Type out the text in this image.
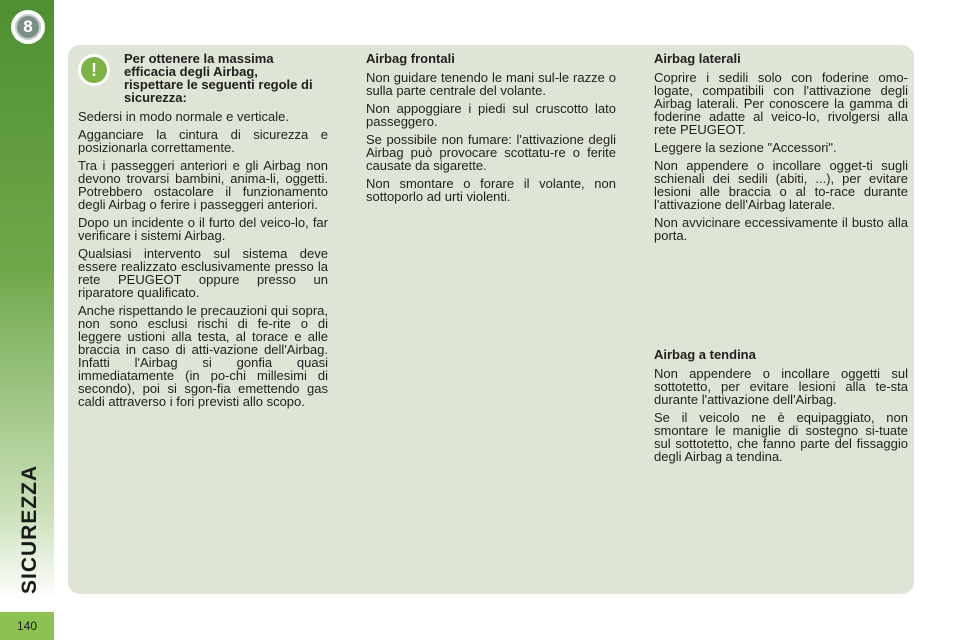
8
SICUREZZA
140
!
Per ottenere la massima efficacia degli Airbag, rispettare le seguenti regole di sicurezza:

Sedersi in modo normale e verticale.

Agganciare la cintura di sicurezza e posizionarla correttamente.

Tra i passeggeri anteriori e gli Airbag non devono trovarsi bambini, anima-li, oggetti. Potrebbero ostacolare il funzionamento degli Airbag o ferire i passeggeri anteriori.

Dopo un incidente o il furto del veico-lo, far verificare i sistemi Airbag.

Qualsiasi intervento sul sistema deve essere realizzato esclusivamente presso la rete PEUGEOT oppure presso un riparatore qualificato.

Anche rispettando le precauzioni qui sopra, non sono esclusi rischi di fe-rite o di leggere ustioni alla testa, al torace e alle braccia in caso di atti-vazione dell'Airbag. Infatti l'Airbag si gonfia quasi immediatamente (in po-chi millesimi di secondo), poi si sgon-fia emettendo gas caldi attraverso i fori previsti allo scopo.

Airbag frontali

Non guidare tenendo le mani sul-le razze o sulla parte centrale del volante.

Non appoggiare i piedi sul cruscotto lato passeggero.

Se possibile non fumare: l'attivazione degli Airbag può provocare scottatu-re o ferite causate da sigarette.

Non smontare o forare il volante, non sottoporlo ad urti violenti.

Airbag laterali

Coprire i sedili solo con foderine omo-logate, compatibili con l'attivazione degli Airbag laterali. Per conoscere la gamma di foderine adatte al veico-lo, rivolgersi alla rete PEUGEOT.

Leggere la sezione "Accessori".

Non appendere o incollare ogget-ti sugli schienali dei sedili (abiti, ...), per evitare lesioni alle braccia o al to-race durante l'attivazione dell'Airbag laterale.

Non avvicinare eccessivamente il busto alla porta.

Airbag a tendina

Non appendere o incollare oggetti sul sottotetto, per evitare lesioni alla te-sta durante l'attivazione dell'Airbag.

Se il veicolo ne è equipaggiato, non smontare le maniglie di sostegno si-tuate sul sottotetto, che fanno parte del fissaggio degli Airbag a tendina.
